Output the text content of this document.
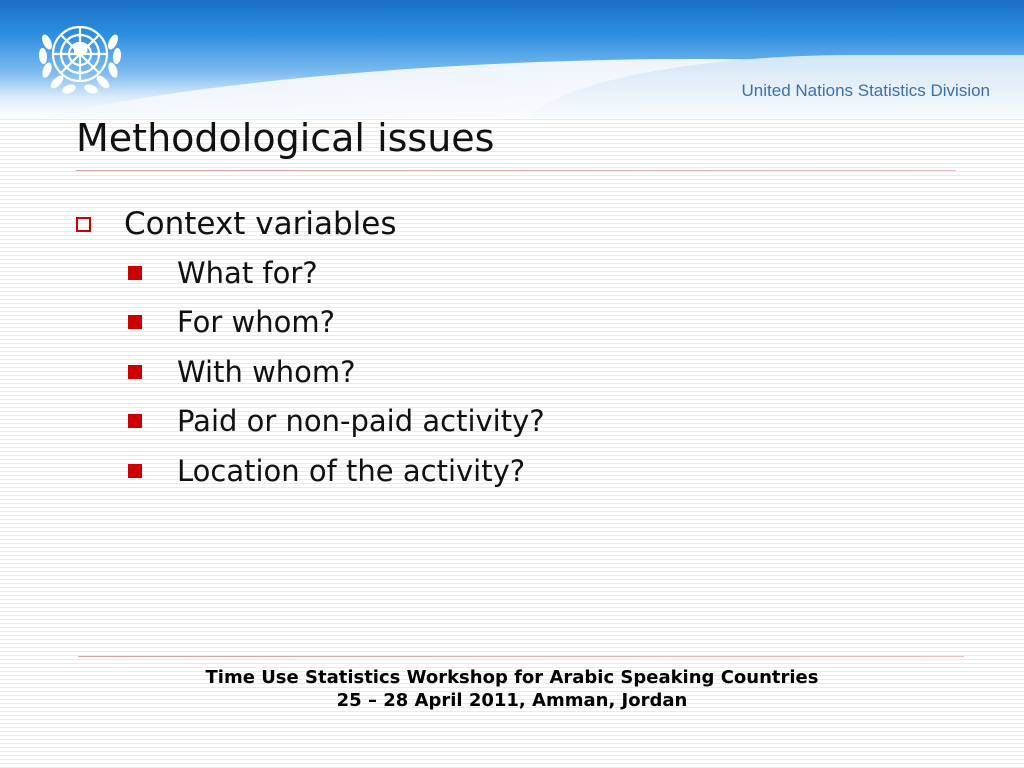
United Nations Statistics Division
Methodological issues
Context variables
What for?
For whom?
With whom?
Paid or non-paid activity?
Location of the activity?
Time Use Statistics Workshop for Arabic Speaking Countries
25 – 28 April 2011, Amman, Jordan
